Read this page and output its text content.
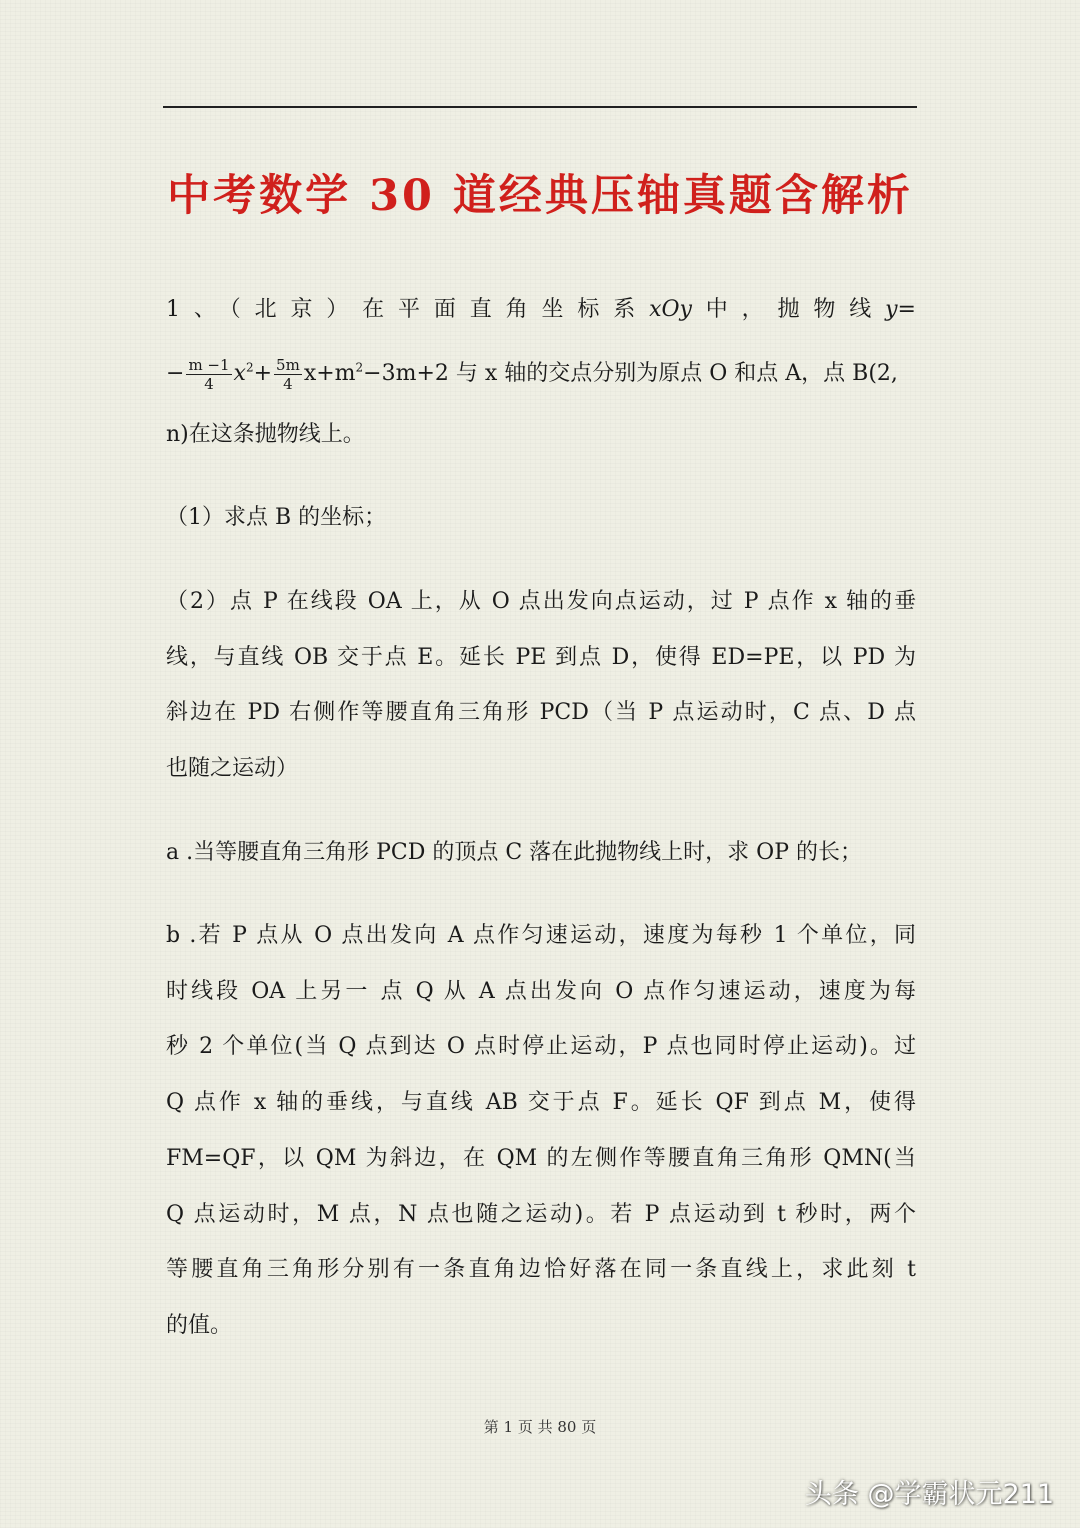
中考数学 30 道经典压轴真题含解析
1、（北京）在平面直角坐标系xOy中，抛物线y=
− $\frac{m -1}{4} x^2+ \frac{5m}{4} x+m^2-3m+2$ 与 x 轴的交点分别为原点 O 和点 A，点 B(2,
n)在这条抛物线上。
（1）求点 B 的坐标；
（2）点 P 在线段 OA 上，从 O 点出发向点运动，过 P 点作 x 轴的垂
线，与直线 OB 交于点 E。延长 PE 到点 D，使得 ED=PE，以 PD 为
斜边在 PD 右侧作等腰直角三角形 PCD（当 P 点运动时，C 点、D 点
也随之运动）
a .当等腰直角三角形 PCD 的顶点 C 落在此抛物线上时，求 OP 的长；
b .若 P 点从 O 点出发向 A 点作匀速运动，速度为每秒 1 个单位，同
时线段 OA 上另一 点 Q 从 A 点出发向 O 点作匀速运动，速度为每
秒 2 个单位(当 Q 点到达 O 点时停止运动，P 点也同时停止运动)。过
Q 点作 x 轴的垂线，与直线 AB 交于点 F。延长 QF 到点 M，使得
FM=QF，以 QM 为斜边，在 QM 的左侧作等腰直角三角形 QMN(当
Q 点运动时，M 点，N 点也随之运动)。若 P 点运动到 t 秒时，两个
等腰直角三角形分别有一条直角边恰好落在同一条直线上，求此刻 t
的值。
第 1 页 共 80 页
头条 @学霸状元211
